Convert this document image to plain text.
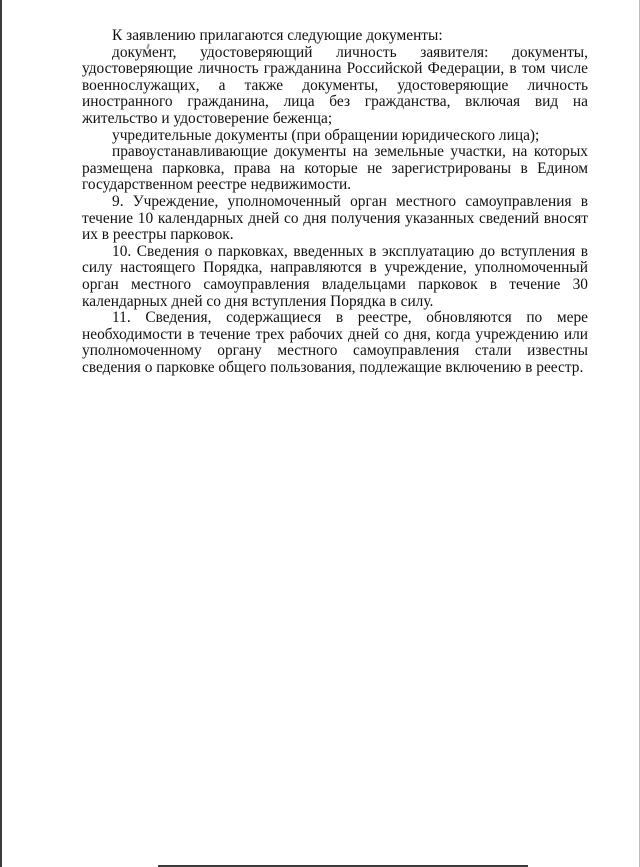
К заявлению прилагаются следующие документы:

документ, удостоверяющий личность заявителя: документы, удостоверяющие личность гражданина Российской Федерации, в том числе военнослужащих, а также документы, удостоверяющие личность иностранного гражданина, лица без гражданства, включая вид на жительство и удостоверение беженца;

учредительные документы (при обращении юридического лица);

правоустанавливающие документы на земельные участки, на которых размещена парковка, права на которые не зарегистрированы в Едином государственном реестре недвижимости.

9. Учреждение, уполномоченный орган местного самоуправления в течение 10 календарных дней со дня получения указанных сведений вносят их в реестры парковок.

10. Сведения о парковках, введенных в эксплуатацию до вступления в силу настоящего Порядка, направляются в учреждение, уполномоченный орган местного самоуправления владельцами парковок в течение 30 календарных дней со дня вступления Порядка в силу.

11. Сведения, содержащиеся в реестре, обновляются по мере необходимости в течение трех рабочих дней со дня, когда учреждению или уполномоченному органу местного самоуправления стали известны сведения о парковке общего пользования, подлежащие включению в реестр.
